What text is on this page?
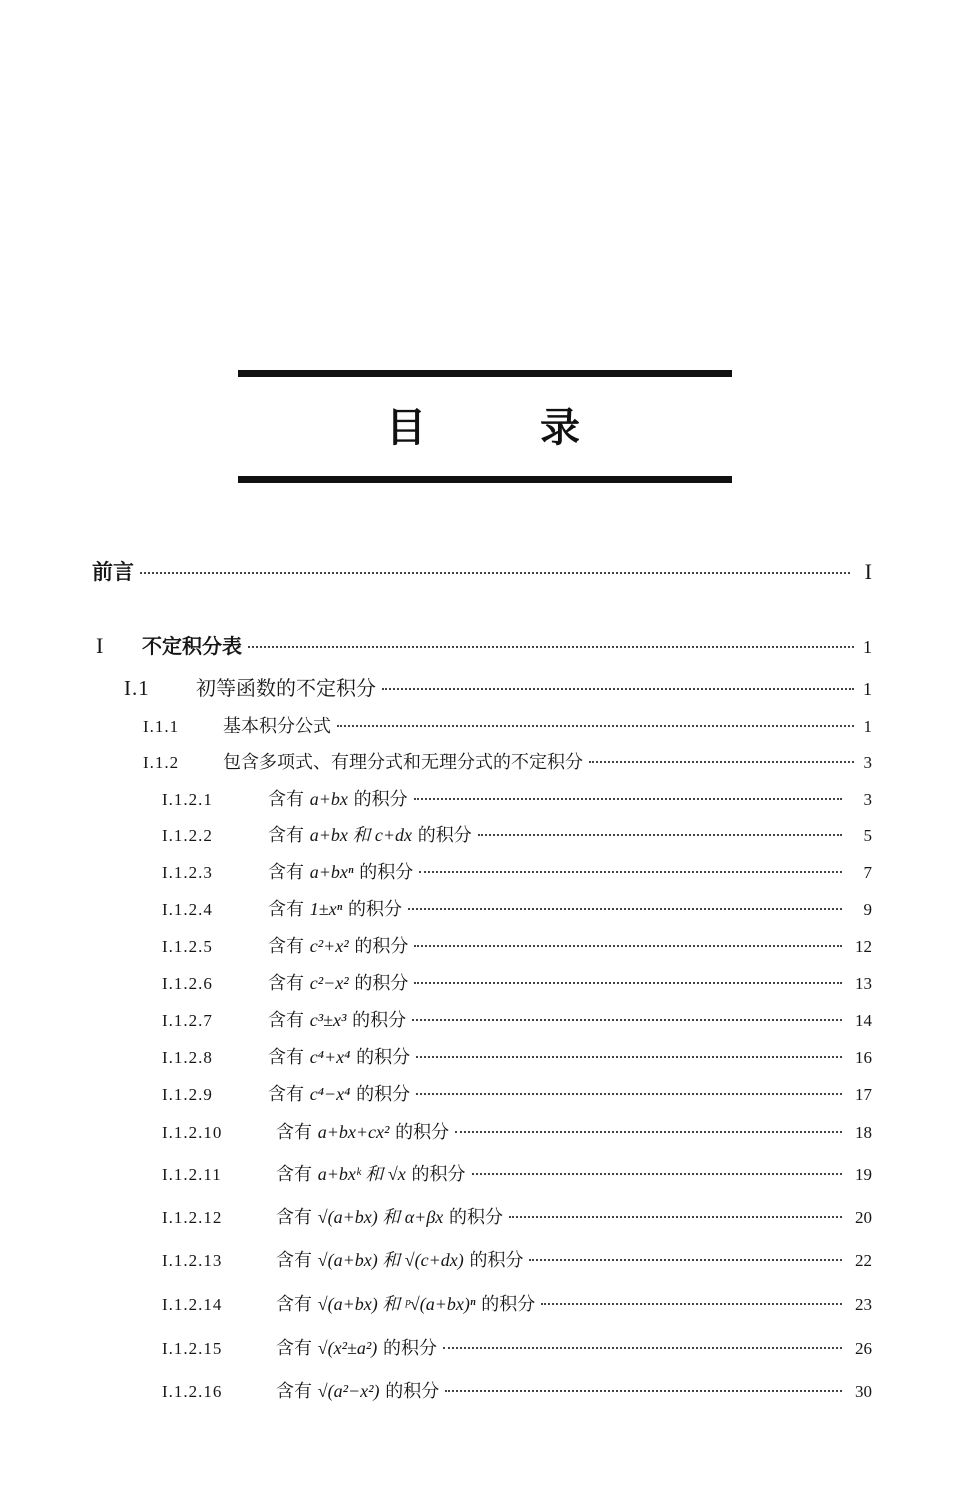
目	录
前言	I
I	不定积分表	1
I.1	初等函数的不定积分	1
I.1.1	基本积分公式	1
I.1.2	包含多项式、有理分式和无理分式的不定积分	3
I.1.2.1	含有 a+bx 的积分	3
I.1.2.2	含有 a+bx 和 c+dx 的积分	5
I.1.2.3	含有 a+bxⁿ 的积分	7
I.1.2.4	含有 1±xⁿ 的积分	9
I.1.2.5	含有 c²+x² 的积分	12
I.1.2.6	含有 c²−x² 的积分	13
I.1.2.7	含有 c³±x³ 的积分	14
I.1.2.8	含有 c⁴+x⁴ 的积分	16
I.1.2.9	含有 c⁴−x⁴ 的积分	17
I.1.2.10	含有 a+bx+cx² 的积分	18
I.1.2.11	含有 a+bxᵏ 和 √x 的积分	19
I.1.2.12	含有 √(a+bx) 和 α+βx 的积分	20
I.1.2.13	含有 √(a+bx) 和 √(c+dx) 的积分	22
I.1.2.14	含有 √(a+bx) 和 ᵖ√(a+bx)ⁿ 的积分	23
I.1.2.15	含有 √(x²±a²) 的积分	26
I.1.2.16	含有 √(a²−x²) 的积分	30
